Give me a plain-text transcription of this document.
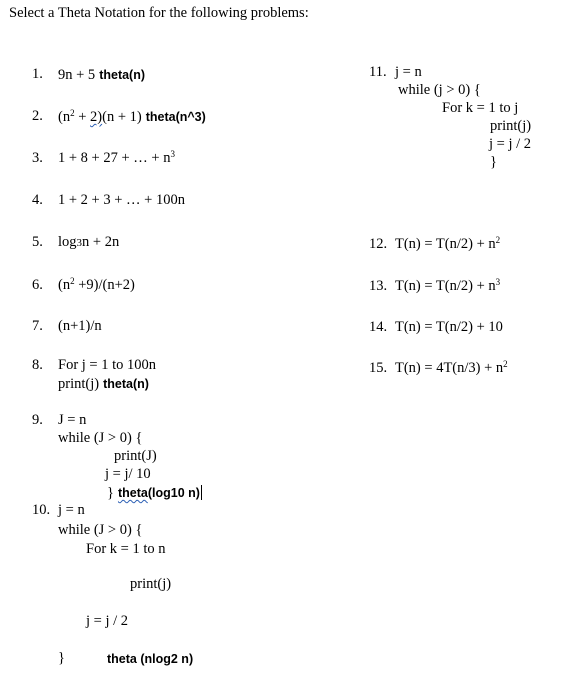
Select a Theta Notation for the following problems:
1. 9n + 5 theta(n)
2. $(n^2 + 2)(n + 1)$ theta(n^3)
3. 1 + 8 + 27 + … + $n^3$
4. 1 + 2 + 3 + … + 100n
5. log3n + 2n
6. $(n^2 +9)/(n+2)$
7. (n+1)/n
8. For j = 1 to 100n
print(j) theta(n)
9. J = n
while (J > 0) {
print(J)
j = j/ 10
} theta(log10 n)
10. j = n
while (J > 0) {
For k = 1 to n
print(j)
j = j / 2
}	theta (nlog2 n)
11. j = n
while (j > 0) {
For k = 1 to j
print(j)
j = j / 2
}
12. $T(n) = T(n/2) + n^2$
13. $T(n) = T(n/2) + n^3$
14. T(n) = T(n/2) + 10
15. $T(n) = 4T(n/3) + n^2$
